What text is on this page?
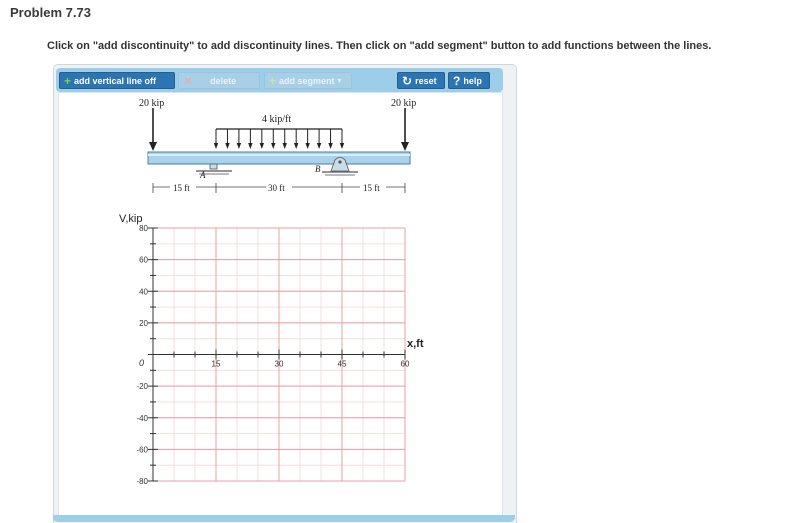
Problem 7.73
Click on "add discontinuity" to add discontinuity lines. Then click on "add segment" button to add functions between the lines.
+ add vertical line off ✕ delete	+ add segment ▾	↻ reset ? help
20 kip	20 kip
4 kip/ft
A
B
15 ft	30 ft	15 ft
80
60
40
20
-20
-40
-60
-80
15	30	45	60
V,kip
x,ft
0
